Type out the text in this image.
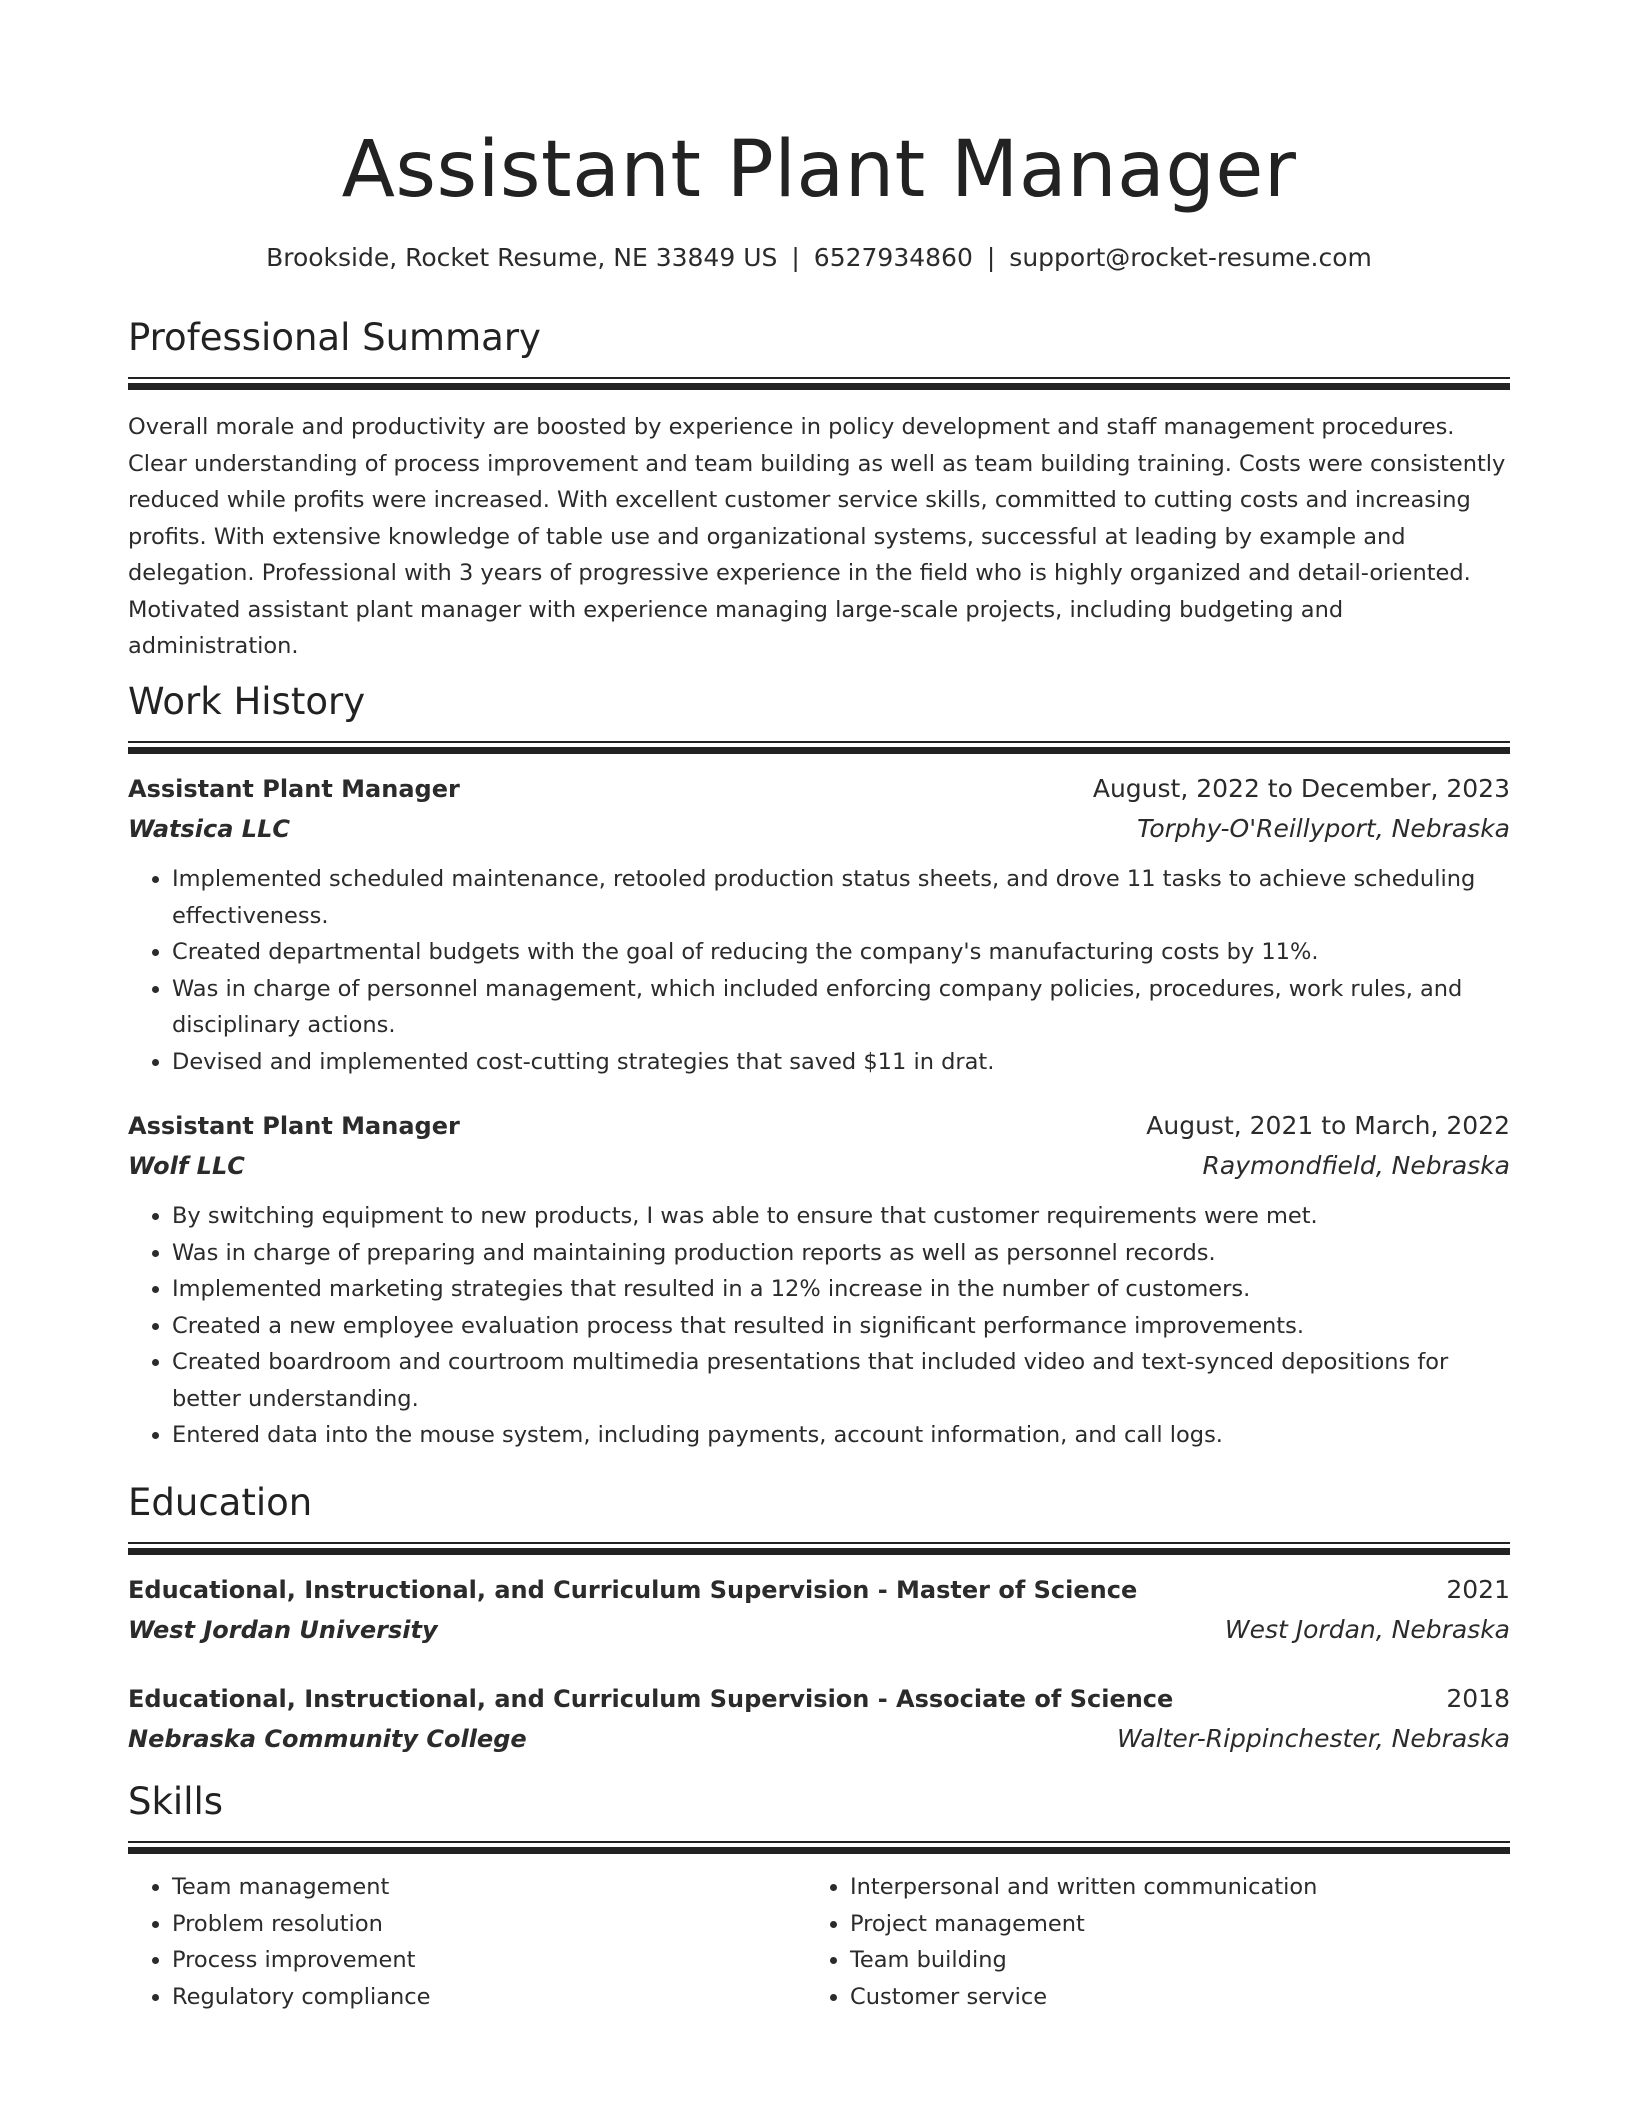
Assistant Plant Manager
Brookside, Rocket Resume, NE 33849 US | 6527934860 | support@rocket-resume.com
Professional Summary
Overall morale and productivity are boosted by experience in policy development and staff management procedures. Clear understanding of process improvement and team building as well as team building training. Costs were consistently reduced while profits were increased. With excellent customer service skills, committed to cutting costs and increasing profits. With extensive knowledge of table use and organizational systems, successful at leading by example and delegation. Professional with 3 years of progressive experience in the field who is highly organized and detail-oriented. Motivated assistant plant manager with experience managing large-scale projects, including budgeting and administration.
Work History
Assistant Plant Manager	August, 2022 to December, 2023
Watsica LLC	Torphy-O'Reillyport, Nebraska
• Implemented scheduled maintenance, retooled production status sheets, and drove 11 tasks to achieve scheduling effectiveness.
• Created departmental budgets with the goal of reducing the company's manufacturing costs by 11%.
• Was in charge of personnel management, which included enforcing company policies, procedures, work rules, and disciplinary actions.
• Devised and implemented cost-cutting strategies that saved $11 in drat.
Assistant Plant Manager	August, 2021 to March, 2022
Wolf LLC	Raymondfield, Nebraska
• By switching equipment to new products, I was able to ensure that customer requirements were met.
• Was in charge of preparing and maintaining production reports as well as personnel records.
• Implemented marketing strategies that resulted in a 12% increase in the number of customers.
• Created a new employee evaluation process that resulted in significant performance improvements.
• Created boardroom and courtroom multimedia presentations that included video and text-synced depositions for better understanding.
• Entered data into the mouse system, including payments, account information, and call logs.
Education
Educational, Instructional, and Curriculum Supervision - Master of Science	2021
West Jordan University	West Jordan, Nebraska
Educational, Instructional, and Curriculum Supervision - Associate of Science	2018
Nebraska Community College	Walter-Rippinchester, Nebraska
Skills
• Team management
• Problem resolution
• Process improvement
• Regulatory compliance
• Interpersonal and written communication
• Project management
• Team building
• Customer service
